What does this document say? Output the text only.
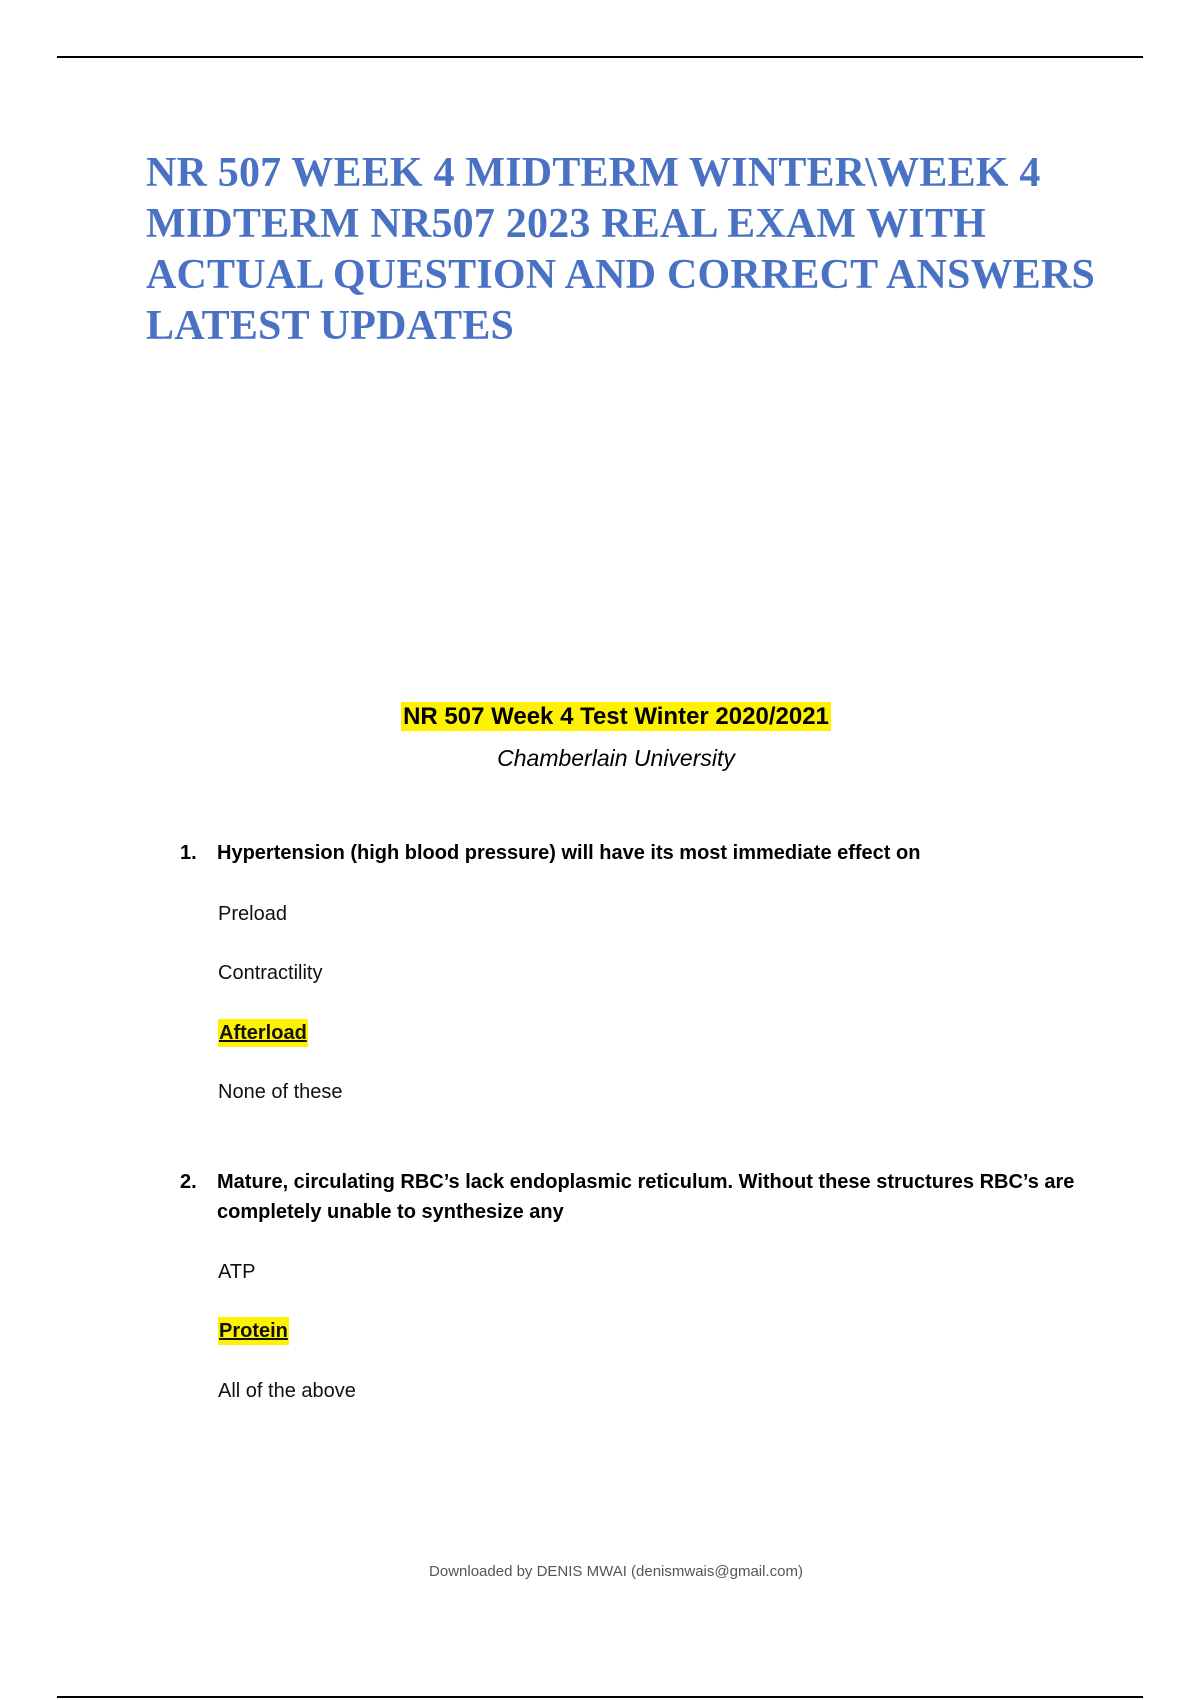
NR 507 WEEK 4 MIDTERM WINTER\WEEK 4 MIDTERM NR507 2023 REAL EXAM WITH ACTUAL QUESTION AND CORRECT ANSWERS LATEST UPDATES
NR 507 Week 4 Test Winter 2020/2021
Chamberlain University
1. Hypertension (high blood pressure) will have its most immediate effect on
Preload
Contractility
Afterload
None of these
2. Mature, circulating RBC’s lack endoplasmic reticulum. Without these structures RBC’s are completely unable to synthesize any
ATP
Protein
All of the above
Downloaded by DENIS MWAI (denismwais@gmail.com)
